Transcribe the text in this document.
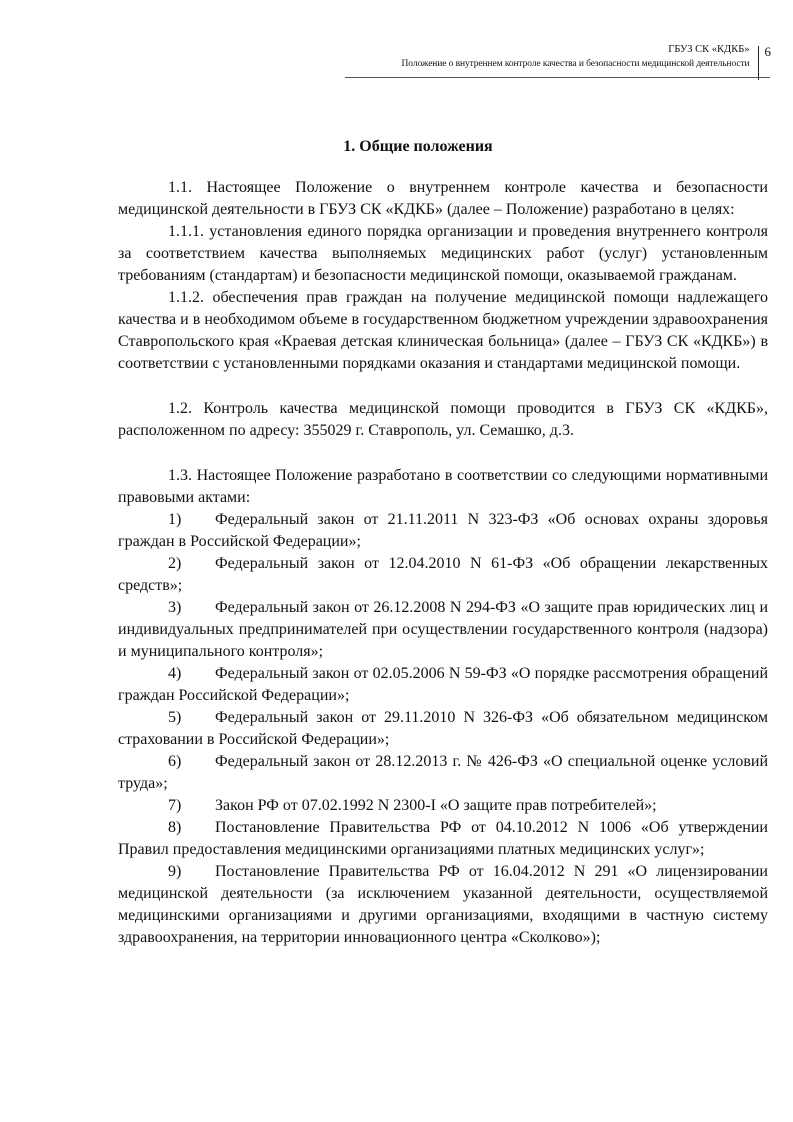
ГБУЗ СК «КДКБ»
Положение о внутреннем контроле качества и безопасности медицинской деятельности
6
1. Общие положения

1.1. Настоящее Положение о внутреннем контроле качества и безопасности медицинской деятельности в ГБУЗ СК «КДКБ» (далее – Положение) разработано в целях:

1.1.1. установления единого порядка организации и проведения внутреннего контроля за соответствием качества выполняемых медицинских работ (услуг) установленным требованиям (стандартам) и безопасности медицинской помощи, оказываемой гражданам.

1.1.2. обеспечения прав граждан на получение медицинской помощи надлежащего качества и в необходимом объеме в государственном бюджетном учреждении здравоохранения Ставропольского края «Краевая детская клиническая больница» (далее – ГБУЗ СК «КДКБ») в соответствии с установленными порядками оказания и стандартами медицинской помощи.

1.2. Контроль качества медицинской помощи проводится в ГБУЗ СК «КДКБ», расположенном по адресу: 355029 г. Ставрополь, ул. Семашко, д.3.

1.3. Настоящее Положение разработано в соответствии со следующими нормативными правовыми актами:

1) Федеральный закон от 21.11.2011 N 323-ФЗ «Об основах охраны здоровья граждан в Российской Федерации»;

2) Федеральный закон от 12.04.2010 N 61-ФЗ «Об обращении лекарственных средств»;

3) Федеральный закон от 26.12.2008 N 294-ФЗ «О защите прав юридических лиц и индивидуальных предпринимателей при осуществлении государственного контроля (надзора) и муниципального контроля»;

4) Федеральный закон от 02.05.2006 N 59-ФЗ «О порядке рассмотрения обращений граждан Российской Федерации»;

5) Федеральный закон от 29.11.2010 N 326-ФЗ «Об обязательном медицинском страховании в Российской Федерации»;

6) Федеральный закон от 28.12.2013 г. № 426-ФЗ «О специальной оценке условий труда»;

7) Закон РФ от 07.02.1992 N 2300-I «О защите прав потребителей»;

8) Постановление Правительства РФ от 04.10.2012 N 1006 «Об утверждении Правил предоставления медицинскими организациями платных медицинских услуг»;

9) Постановление Правительства РФ от 16.04.2012 N 291 «О лицензировании медицинской деятельности (за исключением указанной деятельности, осуществляемой медицинскими организациями и другими организациями, входящими в частную систему здравоохранения, на территории инновационного центра «Сколково»);
